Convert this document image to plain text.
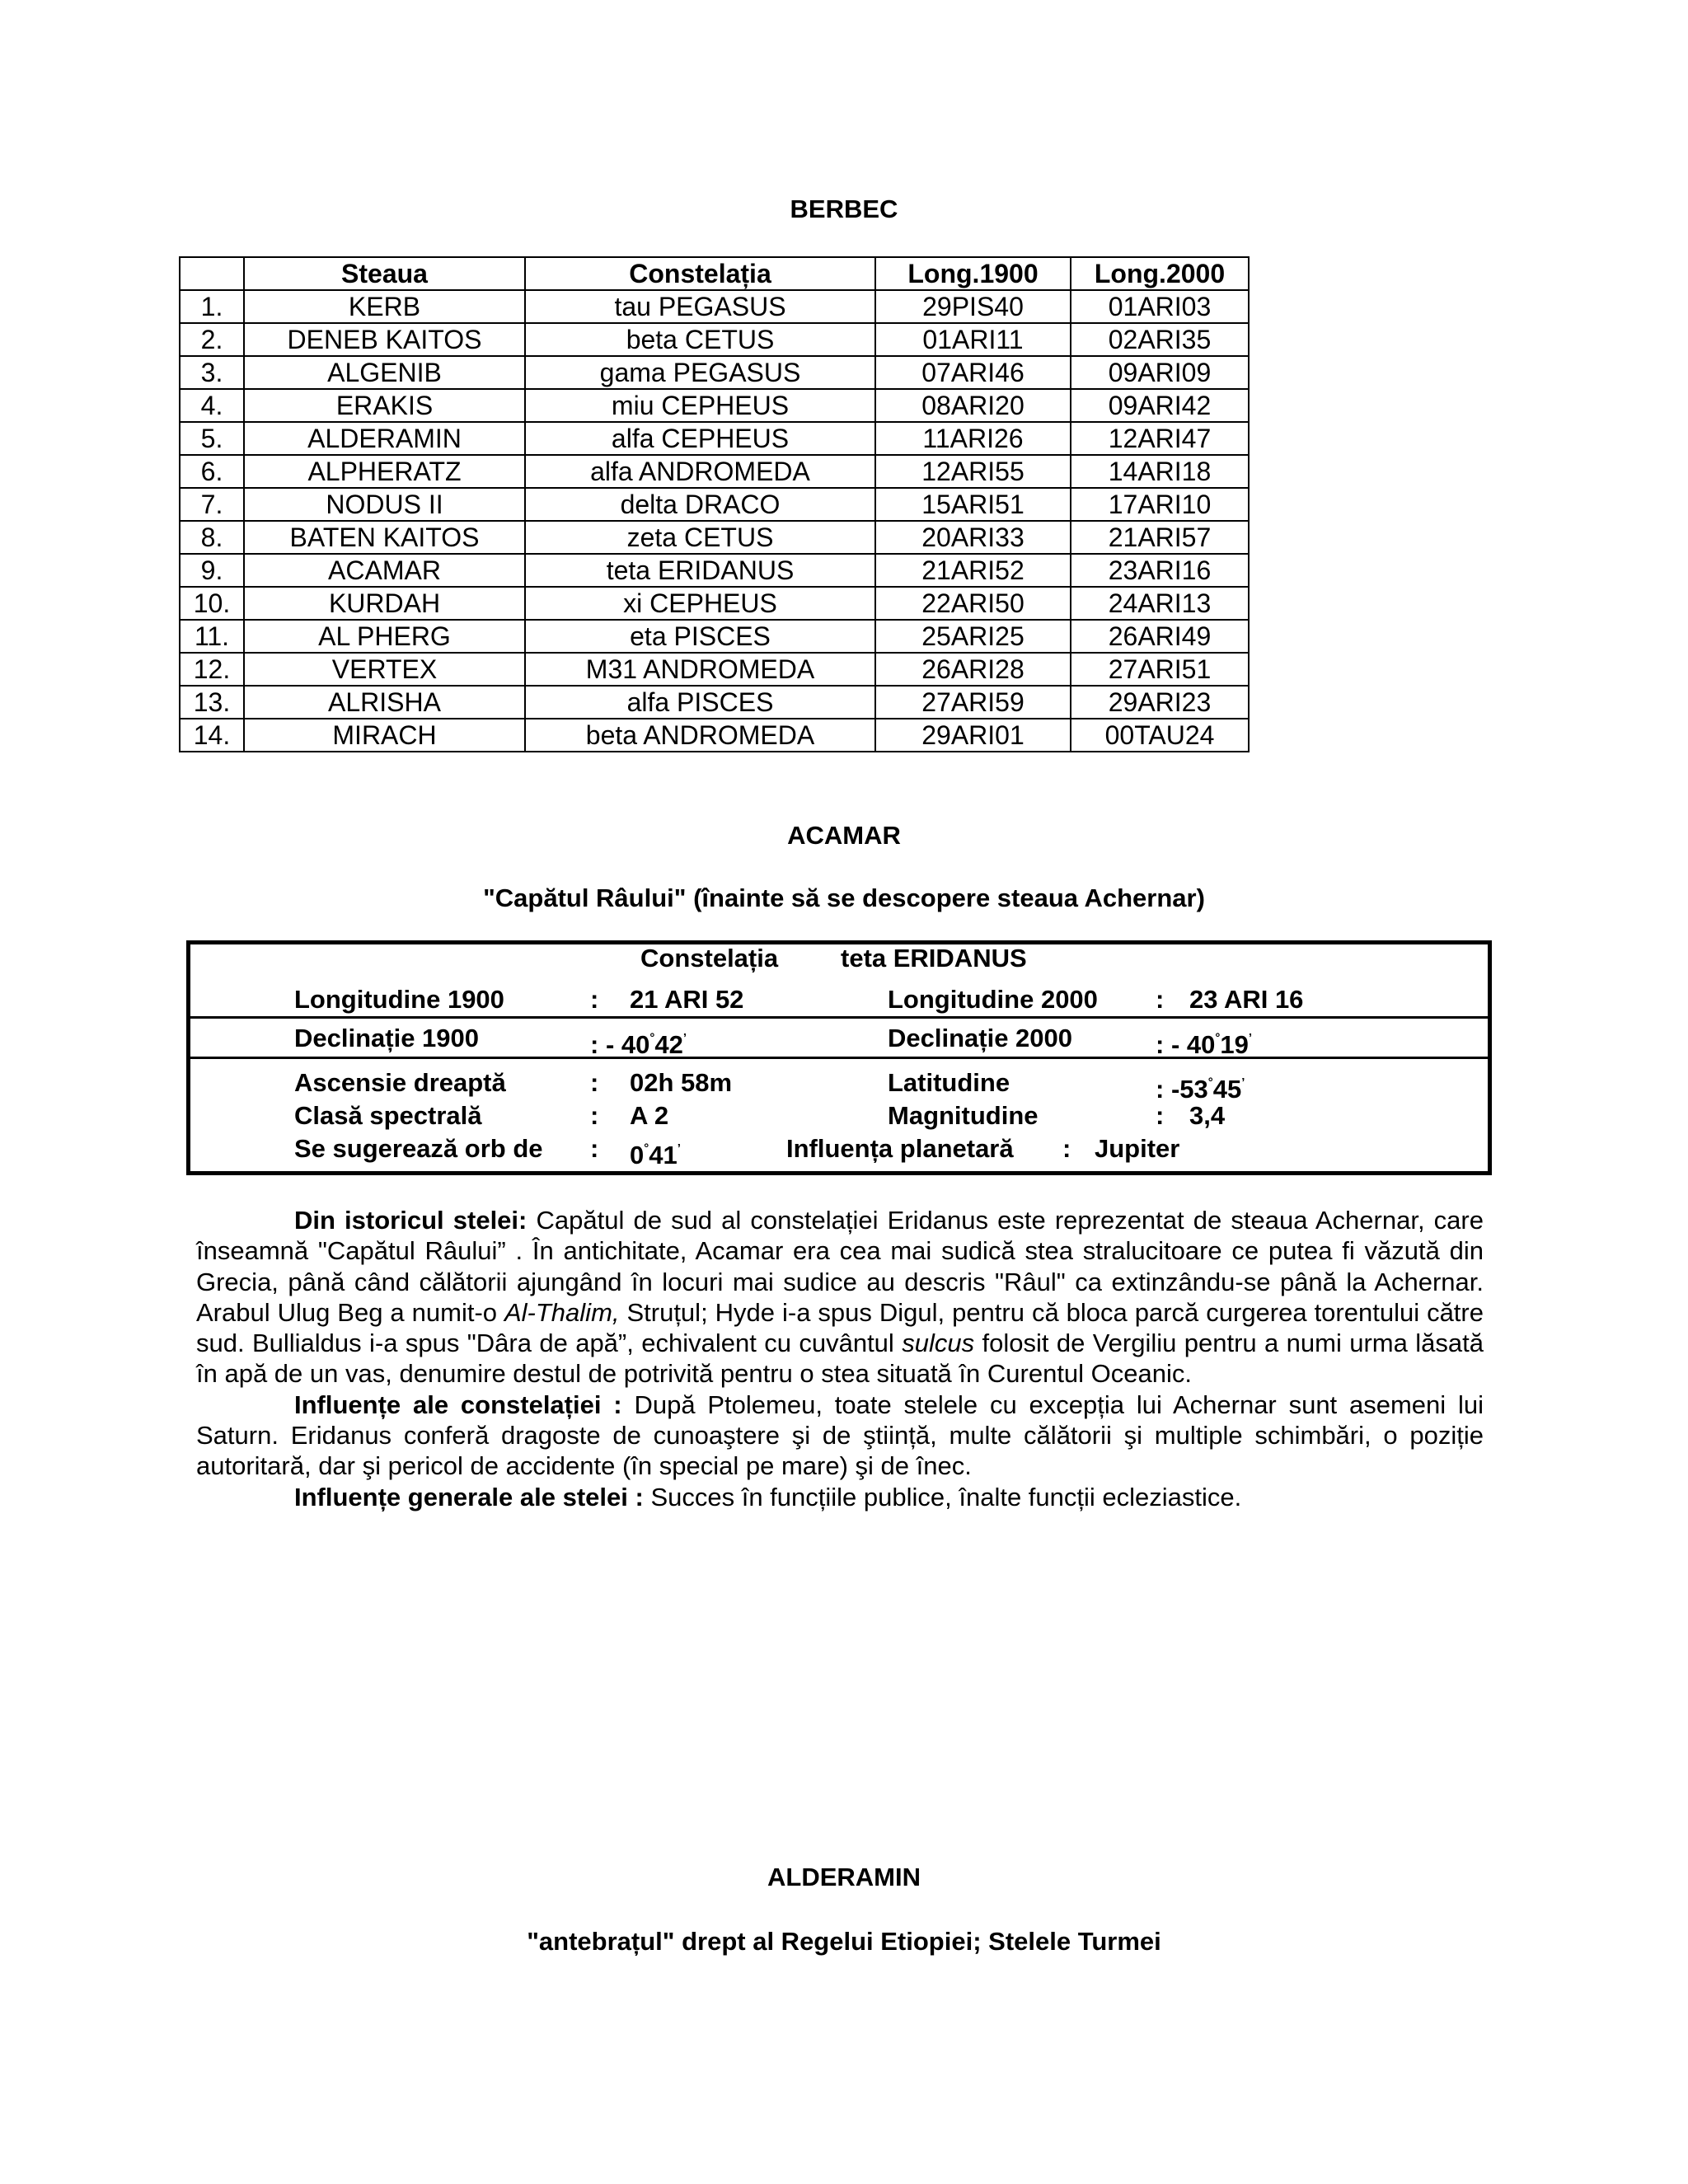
BERBEC
	Steaua	Constelația	Long.1900	Long.2000
1.	KERB	tau PEGASUS	29PIS40	01ARI03
2.	DENEB KAITOS	beta CETUS	01ARI11	02ARI35
3.	ALGENIB	gama PEGASUS	07ARI46	09ARI09
4.	ERAKIS	miu CEPHEUS	08ARI20	09ARI42
5.	ALDERAMIN	alfa CEPHEUS	11ARI26	12ARI47
6.	ALPHERATZ	alfa ANDROMEDA	12ARI55	14ARI18
7.	NODUS II	delta DRACO	15ARI51	17ARI10
8.	BATEN KAITOS	zeta CETUS	20ARI33	21ARI57
9.	ACAMAR	teta ERIDANUS	21ARI52	23ARI16
10.	KURDAH	xi CEPHEUS	22ARI50	24ARI13
11.	AL PHERG	eta PISCES	25ARI25	26ARI49
12.	VERTEX	M31 ANDROMEDA	26ARI28	27ARI51
13.	ALRISHA	alfa PISCES	27ARI59	29ARI23
14.	MIRACH	beta ANDROMEDA	29ARI01	00TAU24
ACAMAR
"Capătul Râului" (înainte să se descopere steaua Achernar)
Constelația teta ERIDANUS
Longitudine 1900	: 21 ARI 52	Longitudine 2000 : 23 ARI 16
Declinație 1900	: - 40°42’	Declinație 2000	: - 40°19’
Ascensie dreaptă	: 02h 58m	Latitudine	: -53°45’
Clasă spectrală	: A 2	Magnitudine	: 3,4
Se sugerează orb de : 0°41’	Influența planetară : Jupiter

Din istoricul stelei: Capătul de sud al constelației Eridanus este reprezentat de steaua Achernar, care înseamnă "Capătul Râului” . În antichitate, Acamar era cea mai sudică stea stralucitoare ce putea fi văzută din Grecia, până când călătorii ajungând în locuri mai sudice au descris "Râul" ca extinzându-se până la Achernar. Arabul Ulug Beg a numit-o Al-Thalim, Struțul; Hyde i-a spus Digul, pentru că bloca parcă curgerea torentului către sud. Bullialdus i-a spus "Dâra de apă”, echivalent cu cuvântul sulcus folosit de Vergiliu pentru a numi urma lăsată în apă de un vas, denumire destul de potrivită pentru o stea situată în Curentul Oceanic.

Influențe ale constelației : După Ptolemeu, toate stelele cu excepția lui Achernar sunt asemeni lui Saturn. Eridanus conferă dragoste de cunoaştere şi de ştiință, multe călătorii şi multiple schimbări, o poziție autoritară, dar şi pericol de accidente (în special pe mare) şi de înec.

Influențe generale ale stelei : Succes în funcțiile publice, înalte funcții ecleziastice.

ALDERAMIN
"antebrațul" drept al Regelui Etiopiei; Stelele Turmei
